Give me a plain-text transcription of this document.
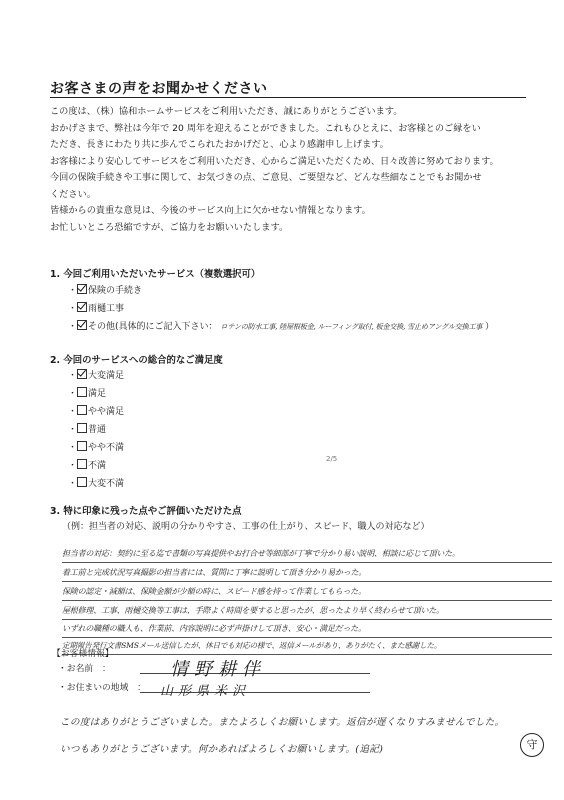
お客さまの声をお聞かせください

この度は、（株）協和ホームサービスをご利用いただき、誠にありがとうございます。

おかげさまで、弊社は今年で 20 周年を迎えることができました。これもひとえに、お客様とのご縁をい

ただき、長きにわたり共に歩んでこられたおかげだと、心より感謝申し上げます。

お客様により安心してサービスをご利用いただき、心からご満足いただくため、日々改善に努めております。

今回の保険手続きや工事に関して、お気づきの点、ご意見、ご要望など、どんな些細なことでもお聞かせ

ください。

皆様からの貴重な意見は、今後のサービス向上に欠かせない情報となります。

お忙しいところ恐縮ですが、ご協力をお願いいたします。

1. 今回ご利用いただいたサービス（複数選択可）
・ 保険の手続き
・ 雨樋工事
・ その他(具体的にご記入下さい： ロテンの防水工事, 陸屋根板金, ルーフィング取付, 板金交換, 雪止めアングル交換工事 ）
2. 今回のサービスへの総合的なご満足度
・ 大変満足
・ 満足
・ やや満足
・ 普通
・ やや不満
・ 不満
・ 大変不満
2/5
3. 特に印象に残った点やご評価いただけた点
（例：担当者の対応、説明の分かりやすさ、工事の仕上がり、スピード、職人の対応など）
担当者の対応：契約に至る迄で書類の写真提供やお打合せ等細部が丁寧で分かり易い説明、相談に応じて頂いた。
着工前と完成状況写真撮影の担当者には、質問に丁寧に説明して頂き分かり易かった。
保険の認定・減額は、保険金額が少額の時に、スピード感を持って作業してもらった。
屋根修理、工事、雨樋交換等工事は、手際よく時間を要すると思ったが、思ったより早く終わらせて頂いた。
いずれの職種の職人も、作業前、内容説明に必ず声掛けして頂き、安心・満足だった。
定期報告発行文書SMSメール送信したが、休日でも対応の様で、返信メールがあり、ありがたく、また感謝した。
【お客様情報】
・お名前　：	情野耕伴
・お住まいの地域　： 山形県米沢
この度はありがとうございました。またよろしくお願いします。返信が遅くなりすみませんでした。
いつもありがとうございます。何かあればよろしくお願いします。(追記)	守
